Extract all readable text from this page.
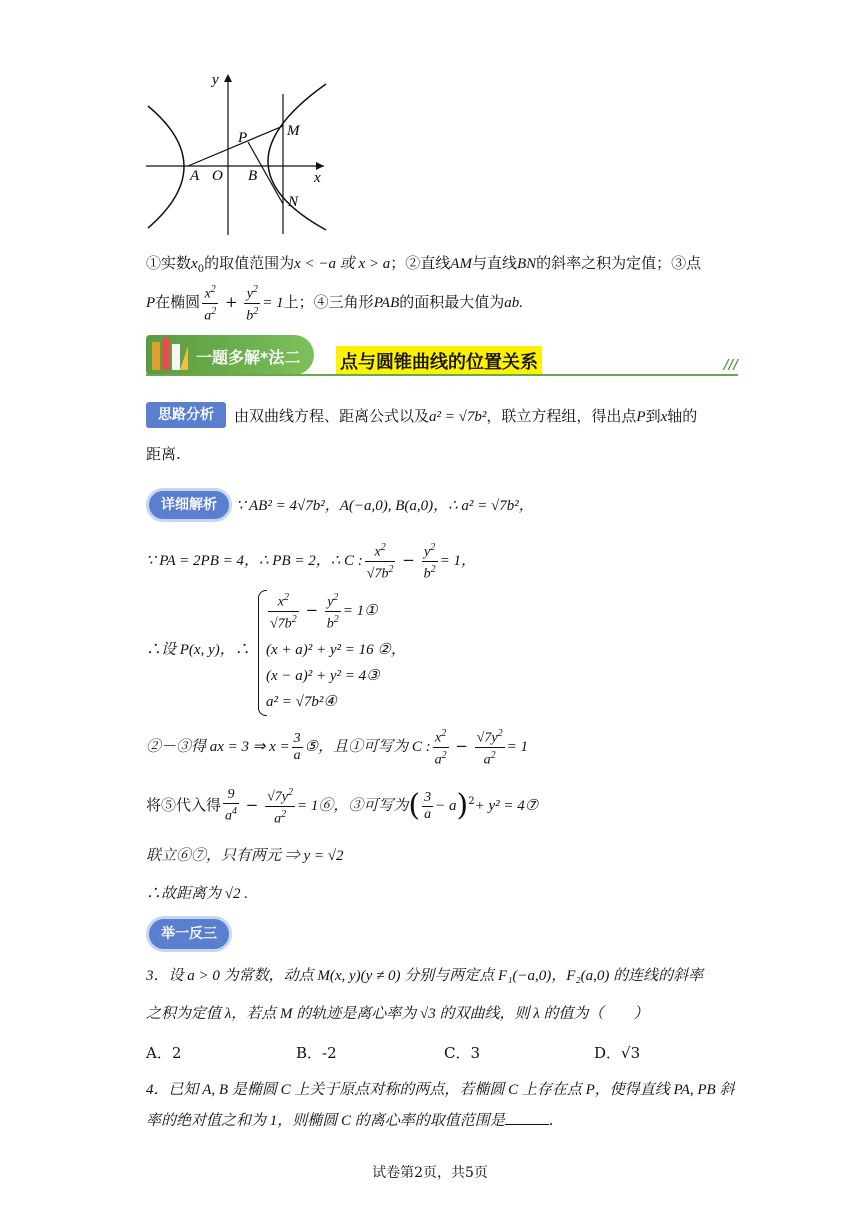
y
x
P	M
A O B
N
①实数$x_0$的取值范围为x < −a 或 x > a；②直线AM与直线BN的斜率之积为定值；③点
P在椭圆 $\frac{x^2}{a^2} + \frac{y^2}{b^2} = 1$上；④三角形PAB的面积最大值为ab.
一题多解*法二 点与圆锥曲线的位置关系	///
思路分析	由双曲线方程、距离公式以及a² = √7b²，联立方程组，得出点P到x轴的
距离.
详细解析	∵ AB² = 4√7b²，A(−a,0), B(a,0)，∴ a² = √7b²，
∵ PA = 2PB = 4，∴ PB = 2，∴ C : $\frac{x^2}{√7b^2} - \frac{y^2}{b^2} = 1$，
∴设 P(x, y)，∴
$\frac{x^2}{√7b^2} - \frac{y^2}{b^2}$ = 1①
(x + a)² + y² = 16 ②，
(x − a)² + y² = 4③
a² = √7b²④
②－③得 ax = 3 ⇒ $x = \frac{3}{a}$ ⑤，且①可写为 C : $\frac{x^2}{a^2} - \frac{√7y^2}{a^2} = 1$
将⑤代入得 $\frac{9}{a^4} - \frac{√7y^2}{a^2}$ = 1⑥，③可写为( $\frac{3}{a} - a)^2+ y^2$ = 4⑦
联立⑥⑦，只有两元 ⇒ y = √2
∴故距离为 √2 .
举一反三
3．设 a > 0 为常数，动点 M(x, y)(y ≠ 0) 分别与两定点 F₁(−a,0)，F₂(a,0) 的连线的斜率
之积为定值 λ，若点 M 的轨迹是离心率为 √3 的双曲线，则 λ 的值为（　　）
A．2	B．-2	C．3	D．√3
4．已知 A, B 是椭圆 C 上关于原点对称的两点，若椭圆 C 上存在点 P，使得直线 PA, PB 斜
率的绝对值之和为 1，则椭圆 C 的离心率的取值范围是	.
试卷第2页，共5页
